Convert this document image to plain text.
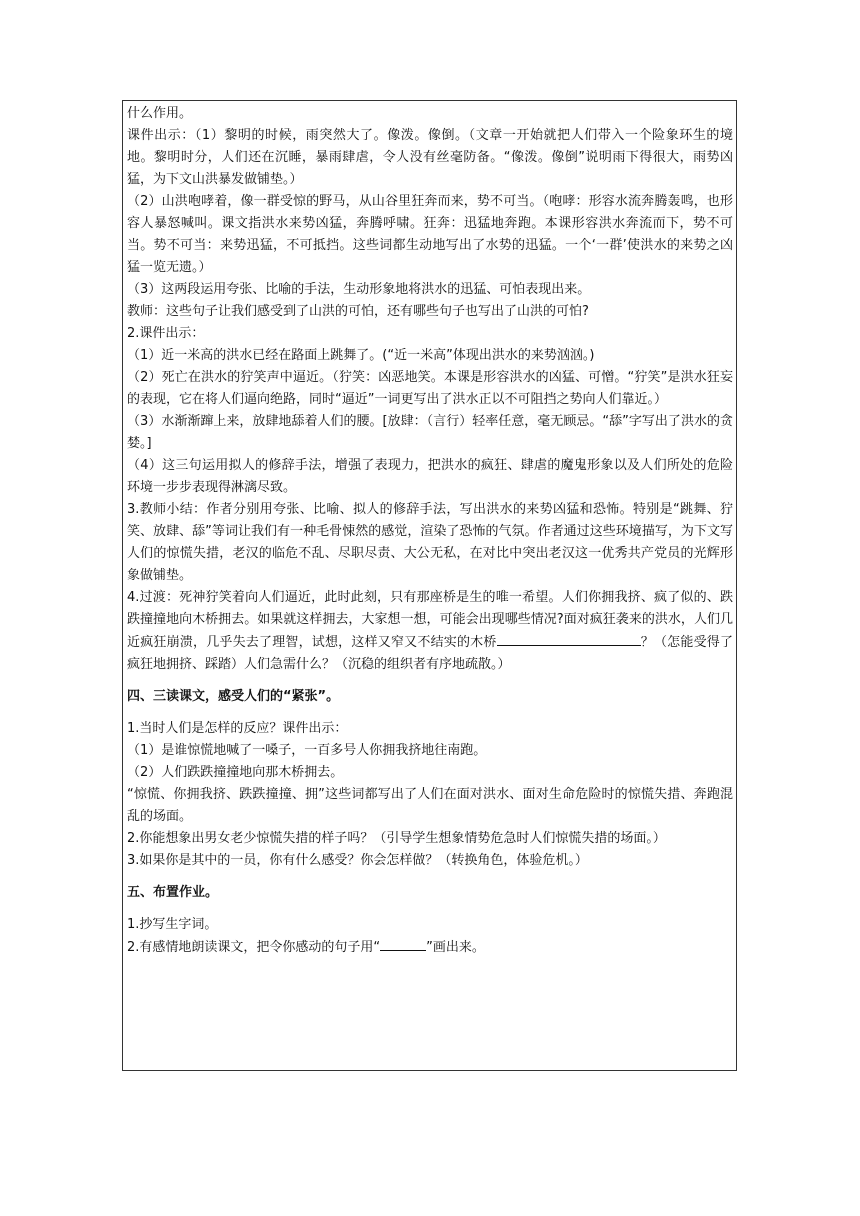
什么作用。

课件出示：（1）黎明的时候，雨突然大了。像泼。像倒。（文章一开始就把人们带入一个险象环生的境地。黎明时分，人们还在沉睡，暴雨肆虐，令人没有丝毫防备。“像泼。像倒”说明雨下得很大，雨势凶猛，为下文山洪暴发做铺垫。）

（2）山洪咆哮着，像一群受惊的野马，从山谷里狂奔而来，势不可当。（咆哮：形容水流奔腾轰鸣，也形容人暴怒喊叫。课文指洪水来势凶猛，奔腾呼啸。狂奔：迅猛地奔跑。本课形容洪水奔流而下，势不可当。势不可当：来势迅猛，不可抵挡。这些词都生动地写出了水势的迅猛。一个‘一群’使洪水的来势之凶猛一览无遗。）

（3）这两段运用夸张、比喻的手法，生动形象地将洪水的迅猛、可怕表现出来。

教师：这些句子让我们感受到了山洪的可怕，还有哪些句子也写出了山洪的可怕?

2.课件出示：

（1）近一米高的洪水已经在路面上跳舞了。(“近一米高”体现出洪水的来势汹汹。)

（2）死亡在洪水的狞笑声中逼近。（狞笑：凶恶地笑。本课是形容洪水的凶猛、可憎。“狞笑”是洪水狂妄的表现，它在将人们逼向绝路，同时“逼近”一词更写出了洪水正以不可阻挡之势向人们靠近。）

（3）水渐渐蹿上来，放肆地舔着人们的腰。[放肆：（言行）轻率任意，毫无顾忌。“舔”字写出了洪水的贪婪。]

（4）这三句运用拟人的修辞手法，增强了表现力，把洪水的疯狂、肆虐的魔鬼形象以及人们所处的危险环境一步步表现得淋漓尽致。

3.教师小结：作者分别用夸张、比喻、拟人的修辞手法，写出洪水的来势凶猛和恐怖。特别是“跳舞、狞笑、放肆、舔”等词让我们有一种毛骨悚然的感觉，渲染了恐怖的气氛。作者通过这些环境描写，为下文写人们的惊慌失措，老汉的临危不乱、尽职尽责、大公无私，在对比中突出老汉这一优秀共产党员的光辉形象做铺垫。

4.过渡：死神狞笑着向人们逼近，此时此刻，只有那座桥是生的唯一希望。人们你拥我挤、疯了似的、跌跌撞撞地向木桥拥去。如果就这样拥去，大家想一想，可能会出现哪些情况?面对疯狂袭来的洪水，人们几近疯狂崩溃，几乎失去了理智，试想，这样又窄又不结实的木桥	？（怎能受得了疯狂地拥挤、踩踏）人们急需什么？（沉稳的组织者有序地疏散。）

四、三读课文，感受人们的“紧张”。

1.当时人们是怎样的反应？课件出示：

（1）是谁惊慌地喊了一嗓子，一百多号人你拥我挤地往南跑。

（2）人们跌跌撞撞地向那木桥拥去。

“惊慌、你拥我挤、跌跌撞撞、拥”这些词都写出了人们在面对洪水、面对生命危险时的惊慌失措、奔跑混乱的场面。

2.你能想象出男女老少惊慌失措的样子吗？（引导学生想象情势危急时人们惊慌失措的场面。）

3.如果你是其中的一员，你有什么感受？你会怎样做？（转换角色，体验危机。）

五、布置作业。

1.抄写生字词。

2.有感情地朗读课文，把令你感动的句子用“	”画出来。
